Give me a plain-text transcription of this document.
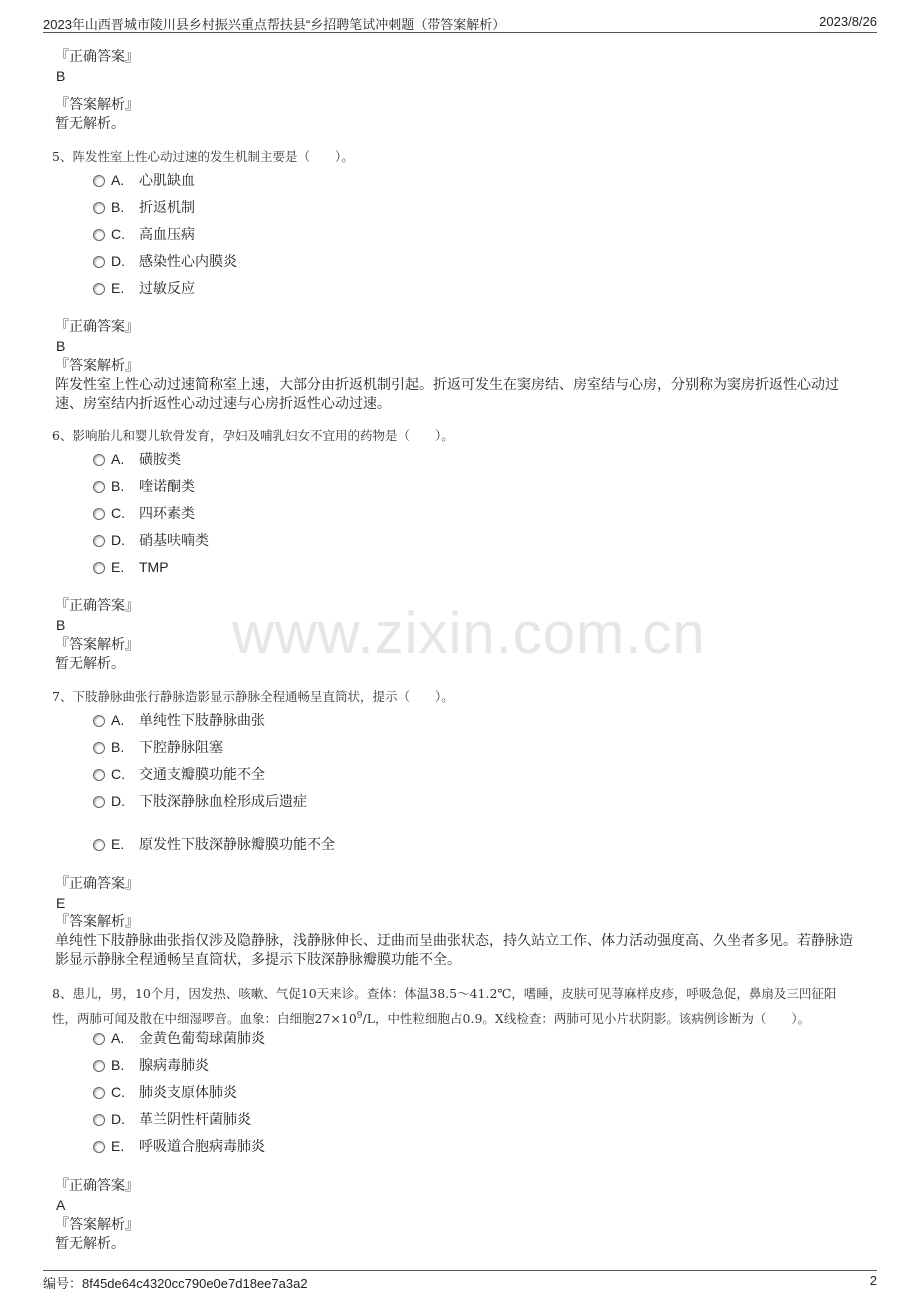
2023年山西晋城市陵川县乡村振兴重点帮扶县“乡招聘笔试冲刺题（带答案解析）	2023/8/26
www.zixin.com.cn
『正确答案』
B
『答案解析』
暂无解析。
5、阵发性室上性心动过速的发生机制主要是（　　）。
A. 心肌缺血
B. 折返机制
C. 高血压病
D. 感染性心内膜炎
E. 过敏反应
『正确答案』
B
『答案解析』
阵发性室上性心动过速简称室上速，大部分由折返机制引起。折返可发生在窦房结、房室结与心房，分别称为窦房折返性心动过速、房室结内折返性心动过速与心房折返性心动过速。
6、影响胎儿和婴儿软骨发育，孕妇及哺乳妇女不宜用的药物是（　　）。
A. 磺胺类
B. 喹诺酮类
C. 四环素类
D. 硝基呋喃类
E. TMP
『正确答案』
B
『答案解析』
暂无解析。
7、下肢静脉曲张行静脉造影显示静脉全程通畅呈直筒状，提示（　　）。
A. 单纯性下肢静脉曲张
B. 下腔静脉阻塞
C. 交通支瓣膜功能不全
D. 下肢深静脉血栓形成后遗症
E. 原发性下肢深静脉瓣膜功能不全
『正确答案』
E
『答案解析』
单纯性下肢静脉曲张指仅涉及隐静脉，浅静脉伸长、迂曲而呈曲张状态，持久站立工作、体力活动强度高、久坐者多见。若静脉造影显示静脉全程通畅呈直筒状，多提示下肢深静脉瓣膜功能不全。
8、患儿，男，10个月，因发热、咳嗽、气促10天来诊。查体：体温38.5～41.2℃，嗜睡，皮肤可见荨麻样皮疹，呼吸急促，鼻扇及三凹征阳
性，两肺可闻及散在中细湿啰音。血象：白细胞$27\times 10^9/L$，中性粒细胞占0.9。X线检查：两肺可见小片状阴影。该病例诊断为（　　）。
A. 金黄色葡萄球菌肺炎
B. 腺病毒肺炎
C. 肺炎支原体肺炎
D. 革兰阴性杆菌肺炎
E. 呼吸道合胞病毒肺炎
『正确答案』
A
『答案解析』
暂无解析。
编号：8f45de64c4320cc790e0e7d18ee7a3a2	2
